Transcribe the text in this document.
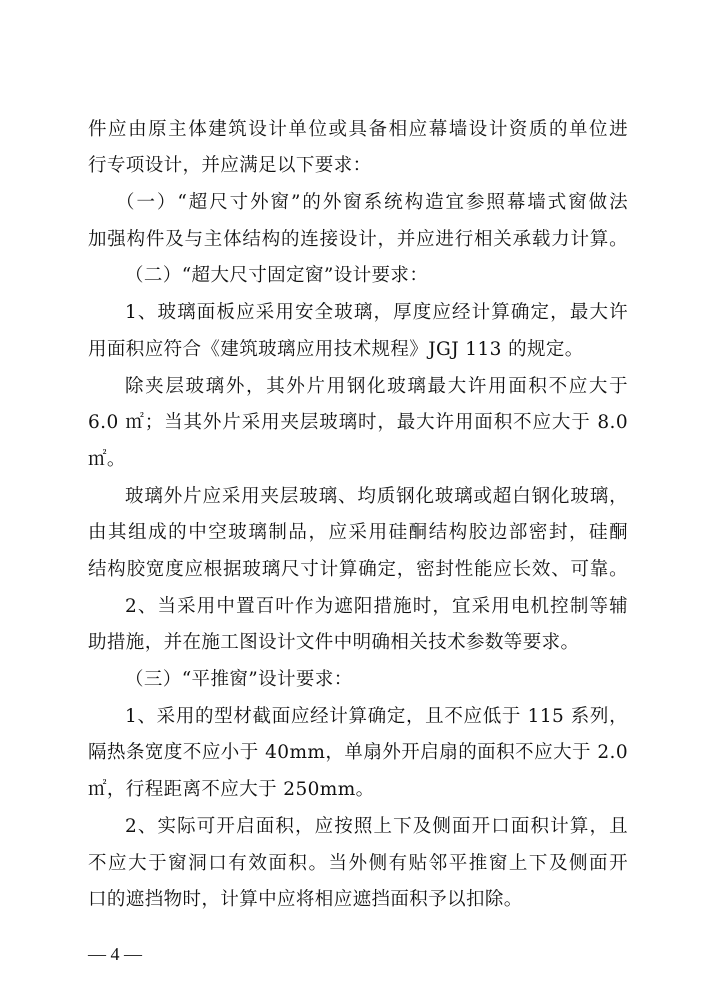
件应由原主体建筑设计单位或具备相应幕墙设计资质的单位进
行专项设计，并应满足以下要求：
（一）“超尺寸外窗”的外窗系统构造宜参照幕墙式窗做法
加强构件及与主体结构的连接设计，并应进行相关承载力计算。
（二）“超大尺寸固定窗”设计要求：
1、玻璃面板应采用安全玻璃，厚度应经计算确定，最大许
用面积应符合《建筑玻璃应用技术规程》JGJ 113 的规定。
除夹层玻璃外，其外片用钢化玻璃最大许用面积不应大于
6.0 ㎡；当其外片采用夹层玻璃时，最大许用面积不应大于 8.0
㎡。
玻璃外片应采用夹层玻璃、均质钢化玻璃或超白钢化玻璃，
由其组成的中空玻璃制品，应采用硅酮结构胶边部密封，硅酮
结构胶宽度应根据玻璃尺寸计算确定，密封性能应长效、可靠。
2、当采用中置百叶作为遮阳措施时，宜采用电机控制等辅
助措施，并在施工图设计文件中明确相关技术参数等要求。
（三）“平推窗”设计要求：
1、采用的型材截面应经计算确定，且不应低于 115 系列，
隔热条宽度不应小于 40mm，单扇外开启扇的面积不应大于 2.0
㎡，行程距离不应大于 250mm。
2、实际可开启面积，应按照上下及侧面开口面积计算，且
不应大于窗洞口有效面积。当外侧有贴邻平推窗上下及侧面开
口的遮挡物时，计算中应将相应遮挡面积予以扣除。
— 4 —
